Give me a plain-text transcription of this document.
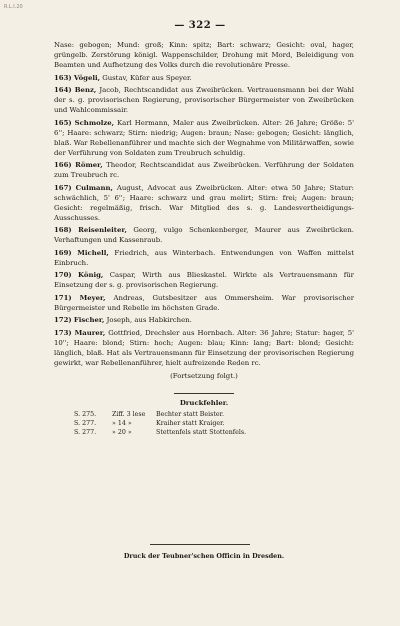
R.L.I.20
— 322 —

Nase: gebogen; Mund: groß; Kinn: spitz; Bart: schwarz; Gesicht: oval, hager, grüngelb. Zerstörung königl. Wappenschilder, Drohung mit Mord, Beleidigung von Beamten und Aufhetzung des Volks durch die revolutionäre Presse.

163) Vögeli, Gustav, Küfer aus Speyer.

164) Benz, Jacob, Rechtscandidat aus Zweibrücken. Vertrauensmann bei der Wahl der s. g. provisorischen Regierung, provisorischer Bürgermeister von Zweibrücken und Wahlcommissair.

165) Schmolze, Karl Hermann, Maler aus Zweibrücken. Alter: 26 Jahre; Größe: 5' 6''; Haare: schwarz; Stirn: niedrig; Augen: braun; Nase: gebogen; Gesicht: länglich, blaß. War Rebellenanführer und machte sich der Wegnahme von Militärwaffen, sowie der Verführung von Soldaten zum Treubruch schuldig.

166) Römer, Theodor, Rechtscandidat aus Zweibrücken. Verführung der Soldaten zum Treubruch rc.

167) Culmann, August, Advocat aus Zweibrücken. Alter: etwa 50 Jahre; Statur: schwächlich, 5' 6''; Haare: schwarz und grau melirt; Stirn: frei; Augen: braun; Gesicht: regelmäßig, frisch. War Mitglied des s. g. Landesvertheidigungs-Ausschusses.

168) Reisenleiter, Georg, vulgo Schenkenberger, Maurer aus Zweibrücken. Verhaftungen und Kassenraub.

169) Michell, Friedrich, aus Winterbach. Entwendungen von Waffen mittelst Einbruch.

170) König, Caspar, Wirth aus Blieskastel. Wirkte als Vertrauensmann für Einsetzung der s. g. provisorischen Regierung.

171) Meyer, Andreas, Gutsbesitzer aus Ommersheim. War provisorischer Bürgermeister und Rebelle im höchsten Grade.

172) Fischer, Joseph, aus Habkirchen.

173) Maurer, Gottfried, Drechsler aus Hornbach. Alter: 36 Jahre; Statur: hager, 5' 10''; Haare: blond; Stirn: hoch; Augen: blau; Kinn: lang; Bart: blond; Gesicht: länglich, blaß. Hat als Vertrauensmann für Einsetzung der provisorischen Regierung gewirkt, war Rebellenanführer, hielt aufreizende Reden rc.

(Fortsetzung folgt.)

Druckfehler.

S. 275.	Ziff. 3 lese	Bechter statt Beister.
S. 277.	» 14 »	Kraiher statt Kraiger.
S. 277.	» 20 »	Stettenfels statt Stottenfels.
Druck der Teubner'schen Officin in Dresden.
